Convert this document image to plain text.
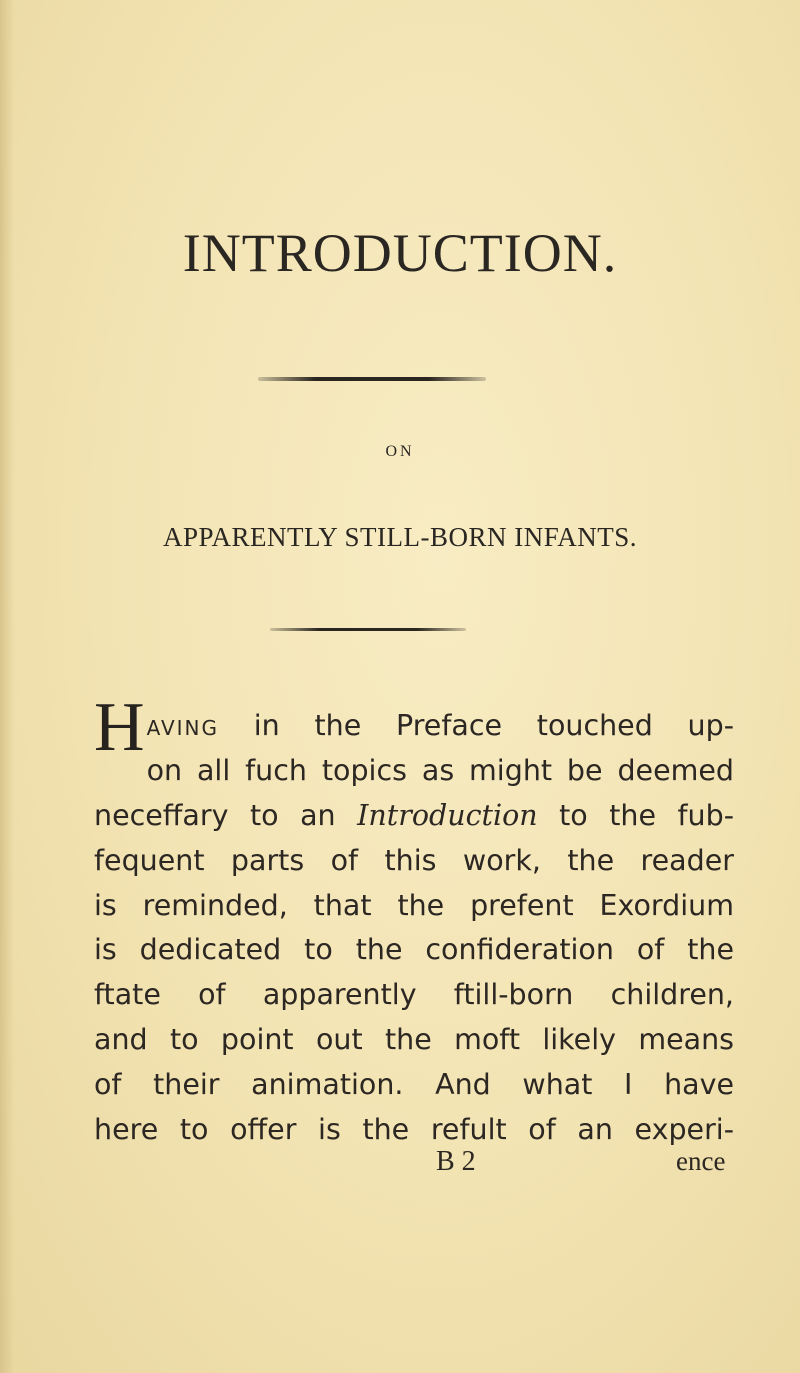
INTRODUCTION.
ON
APPARENTLY STILL-BORN INFANTS.
Having in the Preface touched up-
on all fuch topics as might be deemed
neceffary to an Introduction to the fub-
fequent parts of this work, the reader
is reminded, that the prefent Exordium
is dedicated to the confideration of the
ftate of apparently ftill-born children,
and to point out the moft likely means
of their animation. And what I have
here to offer is the refult of an experi-
B 2	ence
